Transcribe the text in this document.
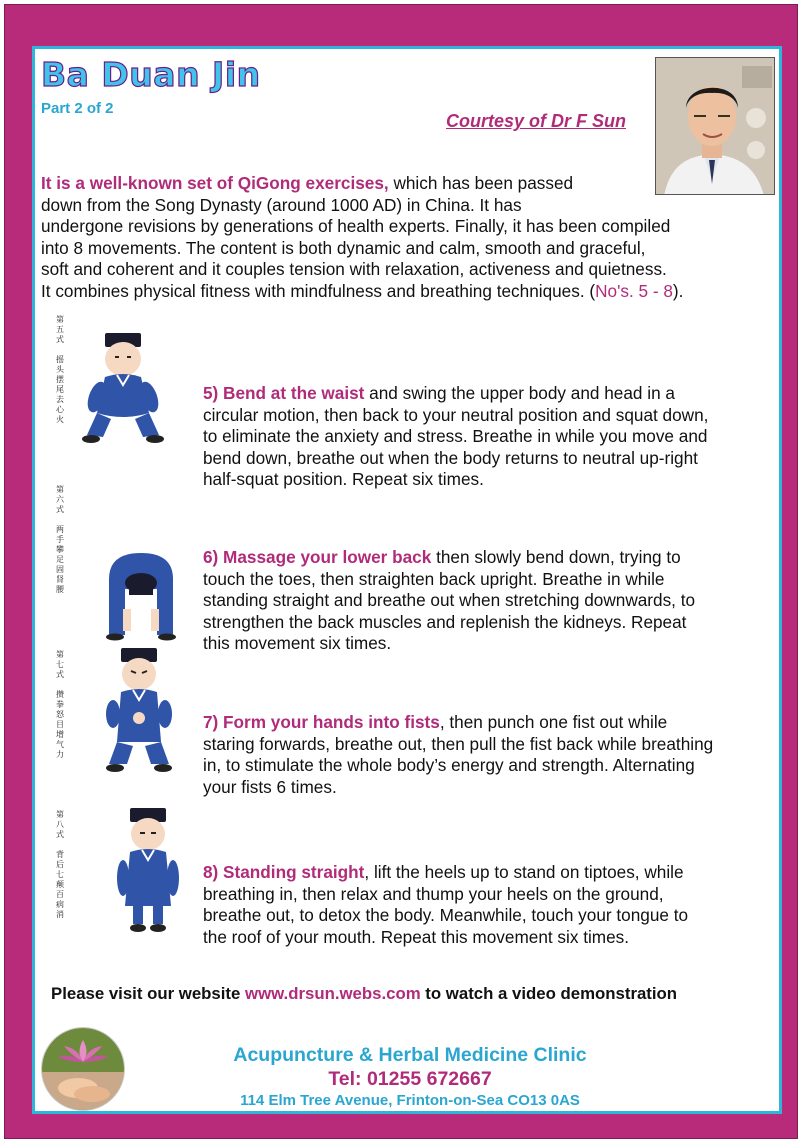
Ba Duan Jin
Part 2 of 2
Courtesy of Dr F Sun
It is a well-known set of QiGong exercises, which has been passed
down from the Song Dynasty (around 1000 AD) in China. It has
undergone revisions by generations of health experts. Finally, it has been compiled
into 8 movements. The content is both dynamic and calm, smooth and graceful,
soft and coherent and it couples tension with relaxation, activeness and quietness.
It combines physical fitness with mindfulness and breathing techniques. (No's. 5 - 8).
第
五
式

摇
头
摆
尾
去
心
火
5) Bend at the waist and swing the upper body and head in a
circular motion, then back to your neutral position and squat down,
to eliminate the anxiety and stress. Breathe in while you move and
bend down, breathe out when the body returns to neutral up-right
half-squat position. Repeat six times.
第
六
式

两
手
攀
足
固
肾
腰
6) Massage your lower back then slowly bend down, trying to
touch the toes, then straighten back upright. Breathe in while
standing straight and breathe out when stretching downwards, to
strengthen the back muscles and replenish the kidneys. Repeat
this movement six times.
第
七
式

攒
拳
怒
目
增
气
力
7) Form your hands into fists, then punch one fist out while
staring forwards, breathe out, then pull the fist back while breathing
in, to stimulate the whole body’s energy and strength. Alternating
your fists 6 times.
第
八
式

背
后
七
颠
百
病
消
8) Standing straight, lift the heels up to stand on tiptoes, while
breathing in, then relax and thump your heels on the ground,
breathe out, to detox the body. Meanwhile, touch your tongue to
the roof of your mouth. Repeat this movement six times.
Please visit our website www.drsun.webs.com to watch a video demonstration
Acupuncture & Herbal Medicine Clinic
Tel: 01255 672667
114 Elm Tree Avenue, Frinton-on-Sea CO13 0AS
